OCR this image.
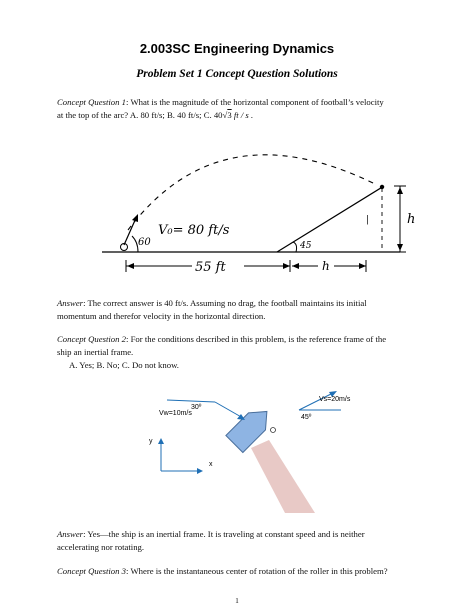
2.003SC Engineering Dynamics
Problem Set 1 Concept Question Solutions

Concept Question 1: What is the magnitude of the horizontal component of football’s velocity
at the top of the arc? A. 80 ft/s; B. 40 ft/s; C. 40√3 ft / s .

60
V₀= 80 ft/s
45
|	h
55 ft	h

Answer: The correct answer is 40 ft/s. Assuming no drag, the football maintains its initial
momentum and therefor velocity in the horizontal direction.

Concept Question 2: For the conditions described in this problem, is the reference frame of the
ship an inertial frame.
A. Yes; B. No; C. Do not know.

30º
Vw=10m/s
Vs=20m/s
45º
y
x

Answer: Yes—the ship is an inertial frame. It is traveling at constant speed and is neither
accelerating nor rotating.

Concept Question 3: Where is the instantaneous center of rotation of the roller in this problem?

1
